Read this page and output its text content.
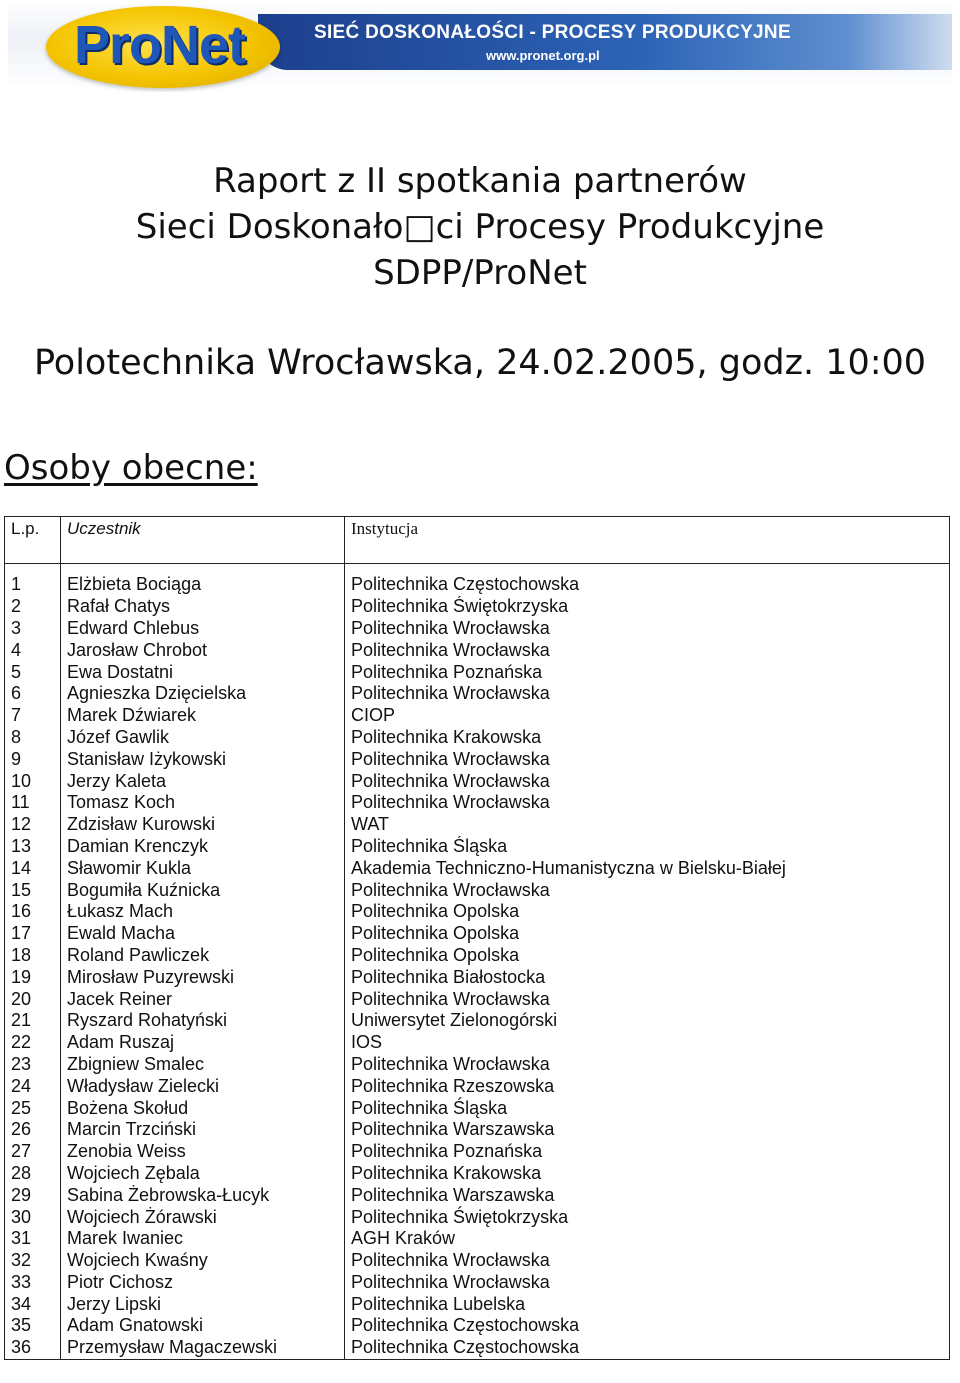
ProNet	SIEĆ DOSKONAŁOŚCI - PROCESY PRODUKCYJNE
www.pronet.org.pl
Raport z II spotkania partnerów
Sieci Doskonało□ci Procesy Produkcyjne
SDPP/ProNet
Polotechnika Wrocławska, 24.02.2005, godz. 10:00
Osoby obecne:
L.p.	Uczestnik	Instytucja

1	Elżbieta Bociąga	Politechnika Częstochowska
2	Rafał Chatys	Politechnika Świętokrzyska
3	Edward Chlebus	Politechnika Wrocławska
4	Jarosław Chrobot	Politechnika Wrocławska
5	Ewa Dostatni	Politechnika Poznańska
6	Agnieszka Dzięcielska	Politechnika Wrocławska
7	Marek Dźwiarek	CIOP
8	Józef Gawlik	Politechnika Krakowska
9	Stanisław Iżykowski	Politechnika Wrocławska
10	Jerzy Kaleta	Politechnika Wrocławska
11	Tomasz Koch	Politechnika Wrocławska
12	Zdzisław Kurowski	WAT
13	Damian Krenczyk	Politechnika Śląska
14	Sławomir Kukla	Akademia Techniczno-Humanistyczna w Bielsku-Białej
15	Bogumiła Kuźnicka	Politechnika Wrocławska
16	Łukasz Mach	Politechnika Opolska
17	Ewald Macha	Politechnika Opolska
18	Roland Pawliczek	Politechnika Opolska
19	Mirosław Puzyrewski	Politechnika Białostocka
20	Jacek Reiner	Politechnika Wrocławska
21	Ryszard Rohatyński	Uniwersytet Zielonogórski
22	Adam Ruszaj	IOS
23	Zbigniew Smalec	Politechnika Wrocławska
24	Władysław Zielecki	Politechnika Rzeszowska
25	Bożena Skołud	Politechnika Śląska
26	Marcin Trzciński	Politechnika Warszawska
27	Zenobia Weiss	Politechnika Poznańska
28	Wojciech Zębala	Politechnika Krakowska
29	Sabina Żebrowska-Łucyk	Politechnika Warszawska
30	Wojciech Żórawski	Politechnika Świętokrzyska
31	Marek Iwaniec	AGH Kraków
32	Wojciech Kwaśny	Politechnika Wrocławska
33	Piotr Cichosz	Politechnika Wrocławska
34	Jerzy Lipski	Politechnika Lubelska
35	Adam Gnatowski	Politechnika Częstochowska
36	Przemysław Magaczewski	Politechnika Częstochowska
